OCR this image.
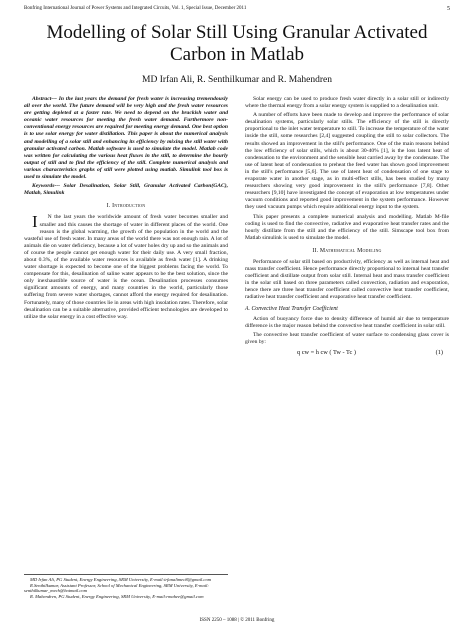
Bonfring International Journal of Power Systems and Integrated Circuits, Vol. 1, Special Issue, December 2011	5
Modelling of Solar Still Using Granular Activated Carbon in Matlab
MD Irfan Ali, R. Senthilkumar and R. Mahendren

Abstract--- In the last years the demand for fresh water is increasing tremendously all over the world. The future demand will be very high and the fresh water resources are getting depleted at a faster rate. We need to depend on the brackish water and oceanic water resources for meeting the fresh water demand. Furthermore non-conventional energy resources are required for meeting energy demand. One best option is to use solar energy for water distillation. This paper is about the numerical analysis and modelling of a solar still and enhancing its efficiency by mixing the still water with granular activated carbon. Matlab software is used to simulate the model. Matlab code was written for calculating the various heat fluxes in the still, to determine the hourly output of still and to find the efficiency of the still. Complete numerical analysis and various characteristics graphs of still were plotted using matlab. Simulink tool box is used to simulate the model.

Keywords--- Solar Desalination, Solar Still, Granular Activated Carbon(GAC), Matlab, Simulink

I. Introduction

I N the last years the worldwide amount of fresh water becomes smaller and smaller and this causes the shortage of water in different places of the world. One reason is the global warming, the growth of the population in the world and the wasteful use of fresh water. In many areas of the world there was not enough rain. A lot of animals die on water deficiency, because a lot of water holes dry up and so the animals and of course the people cannot get enough water for their daily use. A very small fraction, about 0.3%, of the available water resources is available as fresh water [1]. A drinking water shortage is expected to become one of the biggest problems facing the world. To compensate for this, desalination of saline water appears to be the best solution, since the only inexhaustible source of water is the ocean. Desalination processes consumes significant amounts of energy, and many countries in the world, particularly those suffering from severe water shortages, cannot afford the energy required for desalination. Fortunately, many of those countries lie in areas with high insolation rates. Therefore, solar desalination can be a suitable alternative, provided efficient technologies are developed to utilize the solar energy in a cost effective way.

MD Irfan Ali, PG Student, Energy Engineering, SRM University, E-mail:irfanalimec8@gmail.com

R.Senthilkumar, Assistant Professor, School of Mechanical Engineering, SRM University, E-mail: senthilkumar_mech@hotmail.com

R. Mahendren, PG Student, Energy Engineering, SRM University, E-mail:rmahee@gmail.com

Solar energy can be used to produce fresh water directly in a solar still or indirectly where the thermal energy from a solar energy system is supplied to a desalination unit.

A number of efforts have been made to develop and improve the performance of solar desalination systems, particularly solar stills. The efficiency of the still is directly proportional to the inlet water temperature to still. To increase the temperature of the water inside the still, some researches [2,4] suggested coupling the still to solar collectors. The results showed an improvement in the still's performance. One of the main reasons behind the low efficiency of solar stills, which is about 30-40% [1], is the loss latent heat of condensation to the environment and the sensible heat carried away by the condensate. The use of latent heat of condensation to preheat the feed water has shown good improvement in the still's performance [5,6]. The use of latent heat of condensation of one stage to evaporate water in another stage, as in multi-effect stills, has been studied by many researchers showing very good improvement in the still's performance [7,8]. Other researchers [9,10] have investigated the concept of evaporation at low temperatures under vacuum conditions and reported good improvement in the system performance. However they used vacuum pumps which require additional energy input to the system.

This paper presents a complete numerical analysis and modelling. Matlab M-file coding is used to find the convective, radiative and evaporative heat transfer rates and the hourly distillate from the still and the efficiency of the still. Simscape tool box from Matlab simulink is used to simulate the model.

II. Mathematical Modeling

Performance of solar still based on productivity, efficiency as well as internal heat and mass transfer coefficient. Hence performance directly proportional to internal heat transfer coefficient and distillate output from solar still. Internal heat and mass transfer coefficient in the solar still based on three parameters called convection, radiation and evaporation, hence there are three heat transfer coefficient called convective heat transfer coefficient, radiative heat transfer coefficient and evaporative heat transfer coefficient.

A. Convective Heat Transfer Coefficient

Action of buoyancy force due to density difference of humid air due to temperature difference is the major reason behind the convective heat transfer coefficient in solar still.

The convective heat transfer coefficient of water surface to condensing glass cover is given by:

q cw = h cw ( Tw - Tc )	(1)
ISSN 2250 – 1088 | © 2011 Bonfring
